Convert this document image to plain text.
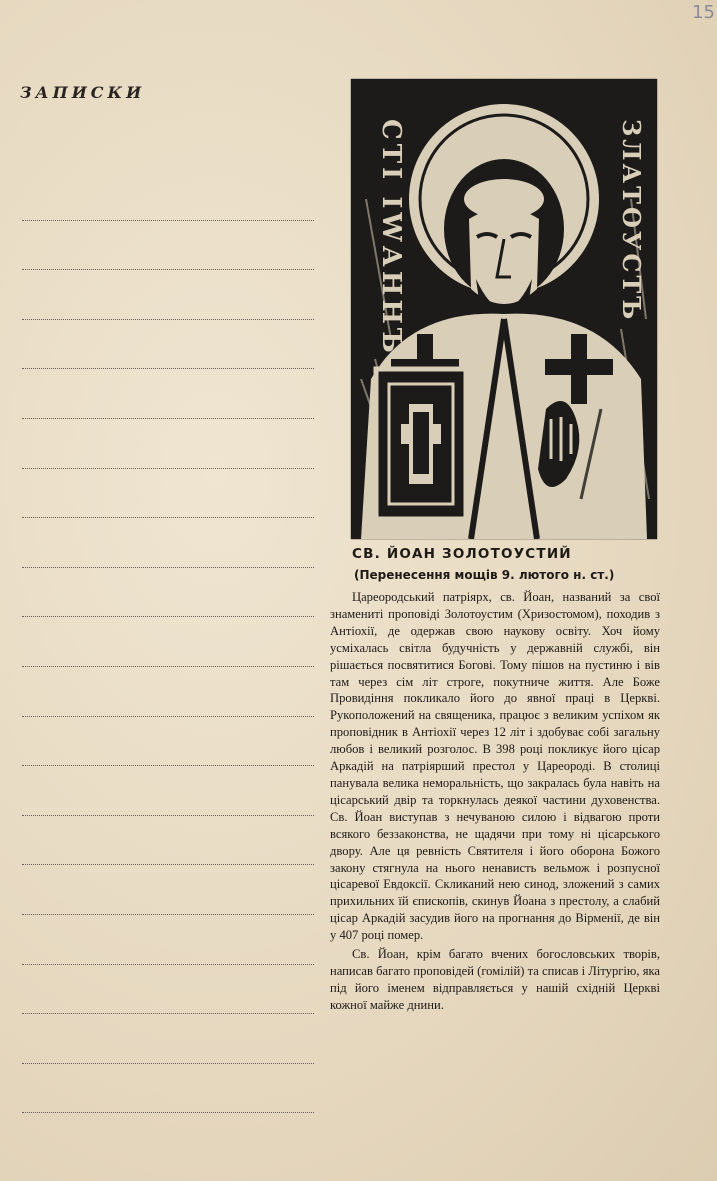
15
ЗАПИСКИ
СТІ ІWАННЪ	ЗЛАТОУСТЪ
СВ. ЙОАН ЗОЛОТОУСТИЙ
(Перенесення мощів 9. лютого н. ст.)

Цареородський патріярх, св. Йоан, названий за свої знамениті проповіді Золотоустим (Хризостомом), походив з Антіохії, де одержав свою наукову освіту. Хоч йому усміхалась світла будучність у державній службі, він рішається посвятитися Богові. Тому пішов на пустиню і вів там через сім літ строге, покутниче життя. Але Боже Провидіння покликало його до явної праці в Церкві. Рукоположений на священика, працює з великим успіхом як проповідник в Антіохії через 12 літ і здобуває собі загальну любов і великий розголос. В 398 році покликує його цісар Аркадій на патріярший престол у Цареороді. В столиці панувала велика неморальність, що закралась була навіть на цісарський двір та торкнулась деякої частини духовенства. Св. Йоан виступав з нечуваною силою і відвагою проти всякого беззаконства, не щадячи при тому ні цісарського двору. Але ця ревність Святителя і його оборона Божого закону стягнула на нього ненависть вельмож і розпусної цісаревої Евдоксії. Скликаний нею синод, зложений з самих прихильних їй єпископів, скинув Йоана з престолу, а слабий цісар Аркадій засудив його на прогнання до Вірменії, де він у 407 році помер.

Св. Йоан, крім багато вчених богословських творів, написав багато проповідей (гомілій) та списав і Літургію, яка під його іменем відправляється у нашій східній Церкві кожної майже днини.
